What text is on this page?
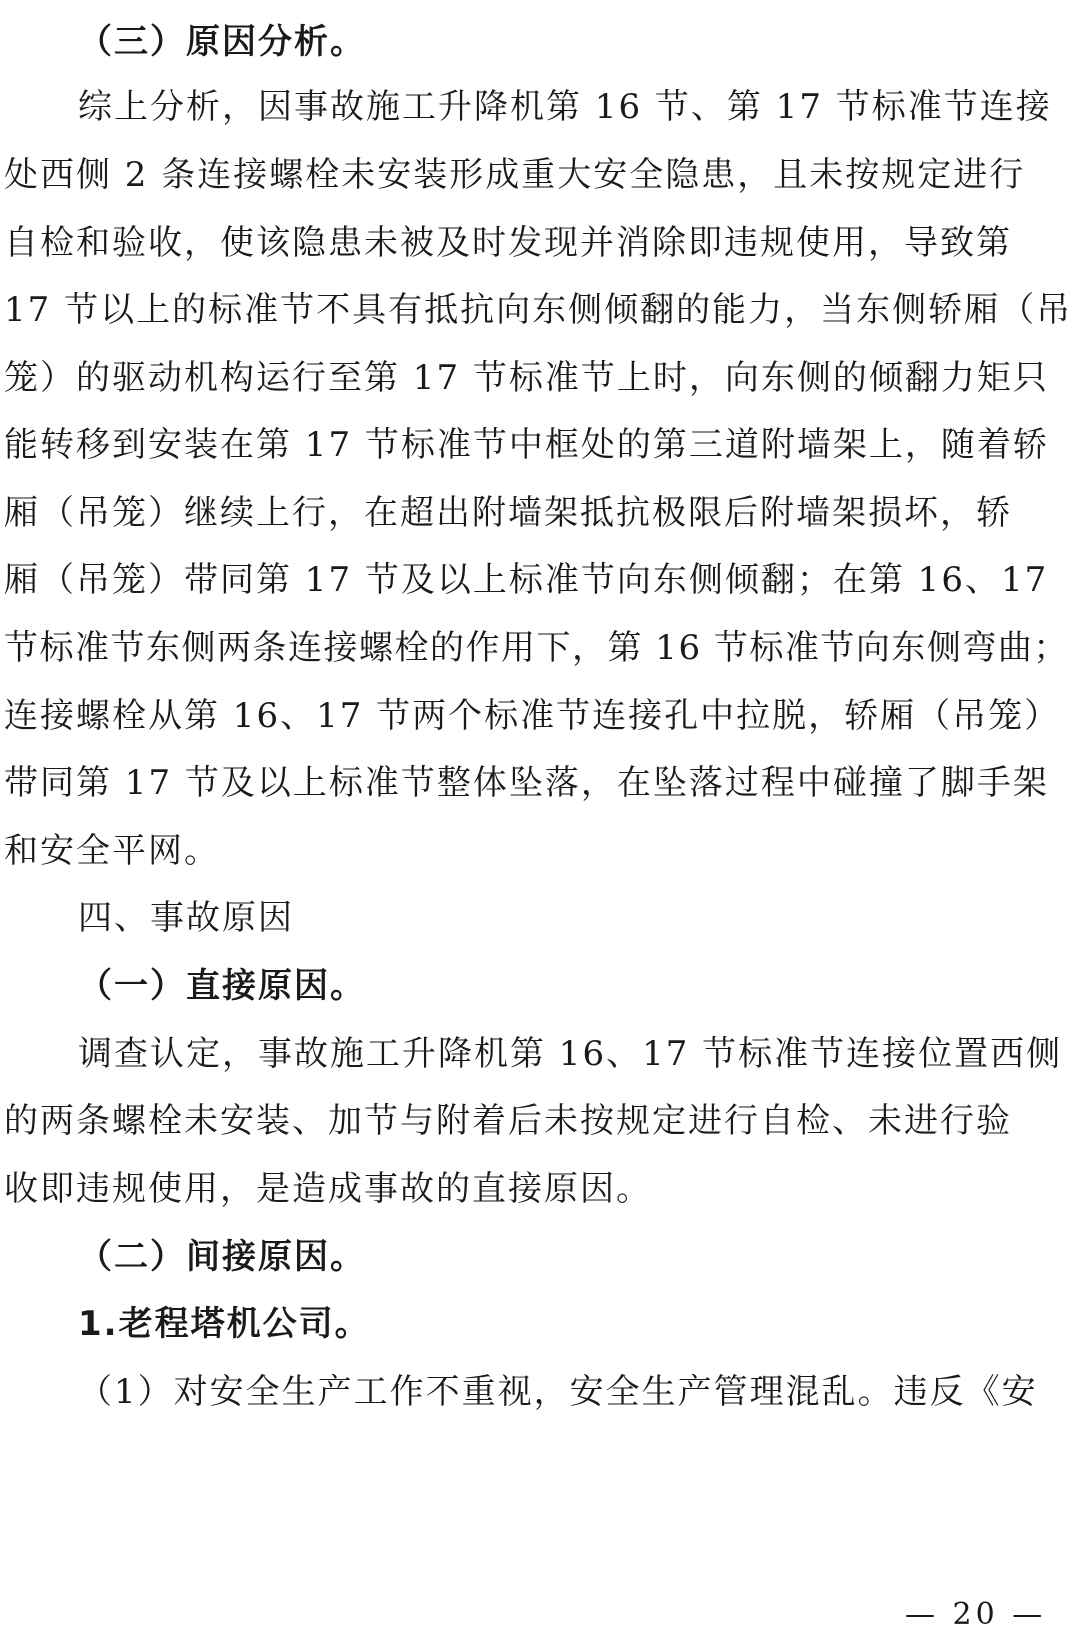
（三）原因分析。
综上分析，因事故施工升降机第 16 节、第 17 节标准节连接
处西侧 2 条连接螺栓未安装形成重大安全隐患，且未按规定进行
自检和验收，使该隐患未被及时发现并消除即违规使用，导致第
17 节以上的标准节不具有抵抗向东侧倾翻的能力，当东侧轿厢（吊
笼）的驱动机构运行至第 17 节标准节上时，向东侧的倾翻力矩只
能转移到安装在第 17 节标准节中框处的第三道附墙架上，随着轿
厢（吊笼）继续上行，在超出附墙架抵抗极限后附墙架损坏，轿
厢（吊笼）带同第 17 节及以上标准节向东侧倾翻；在第 16、17
节标准节东侧两条连接螺栓的作用下，第 16 节标准节向东侧弯曲；
连接螺栓从第 16、17 节两个标准节连接孔中拉脱，轿厢（吊笼）
带同第 17 节及以上标准节整体坠落，在坠落过程中碰撞了脚手架
和安全平网。
四、事故原因
（一）直接原因。
调查认定，事故施工升降机第 16、17 节标准节连接位置西侧
的两条螺栓未安装、加节与附着后未按规定进行自检、未进行验
收即违规使用，是造成事故的直接原因。
（二）间接原因。
1.老程塔机公司。
（1）对安全生产工作不重视，安全生产管理混乱。违反《安
— 20 —
